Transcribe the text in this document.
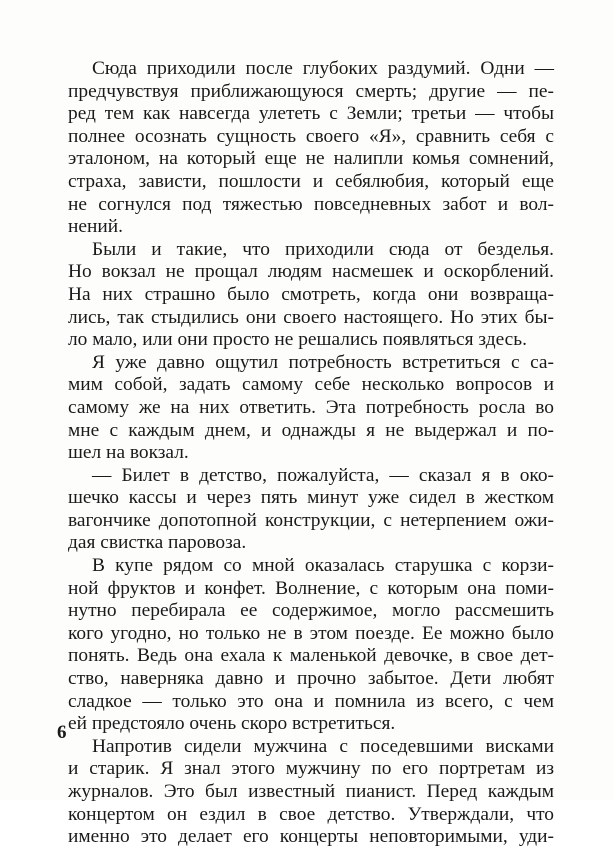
Сюда приходили после глубоких раздумий. Одни —
предчувствуя приближающуюся смерть; другие — пе-
ред тем как навсегда улететь с Земли; третьи — чтобы
полнее осознать сущность своего «Я», сравнить себя с
эталоном, на который еще не налипли комья сомнений,
страха, зависти, пошлости и себялюбия, который еще
не согнулся под тяжестью повседневных забот и вол-
нений.
Были и такие, что приходили сюда от безделья.
Но вокзал не прощал людям насмешек и оскорблений.
На них страшно было смотреть, когда они возвраща-
лись, так стыдились они своего настоящего. Но этих бы-
ло мало, или они просто не решались появляться здесь.
Я уже давно ощутил потребность встретиться с са-
мим собой, задать самому себе несколько вопросов и
самому же на них ответить. Эта потребность росла во
мне с каждым днем, и однажды я не выдержал и по-
шел на вокзал.
— Билет в детство, пожалуйста, — сказал я в око-
шечко кассы и через пять минут уже сидел в жестком
вагончике допотопной конструкции, с нетерпением ожи-
дая свистка паровоза.
В купе рядом со мной оказалась старушка с корзи-
ной фруктов и конфет. Волнение, с которым она поми-
нутно перебирала ее содержимое, могло рассмешить
кого угодно, но только не в этом поезде. Ее можно было
понять. Ведь она ехала к маленькой девочке, в свое дет-
ство, наверняка давно и прочно забытое. Дети любят
сладкое — только это она и помнила из всего, с чем
ей предстояло очень скоро встретиться.
Напротив сидели мужчина с поседевшими висками
и старик. Я знал этого мужчину по его портретам из
журналов. Это был известный пианист. Перед каждым
концертом он ездил в свое детство. Утверждали, что
именно это делает его концерты неповторимыми, уди-
6
